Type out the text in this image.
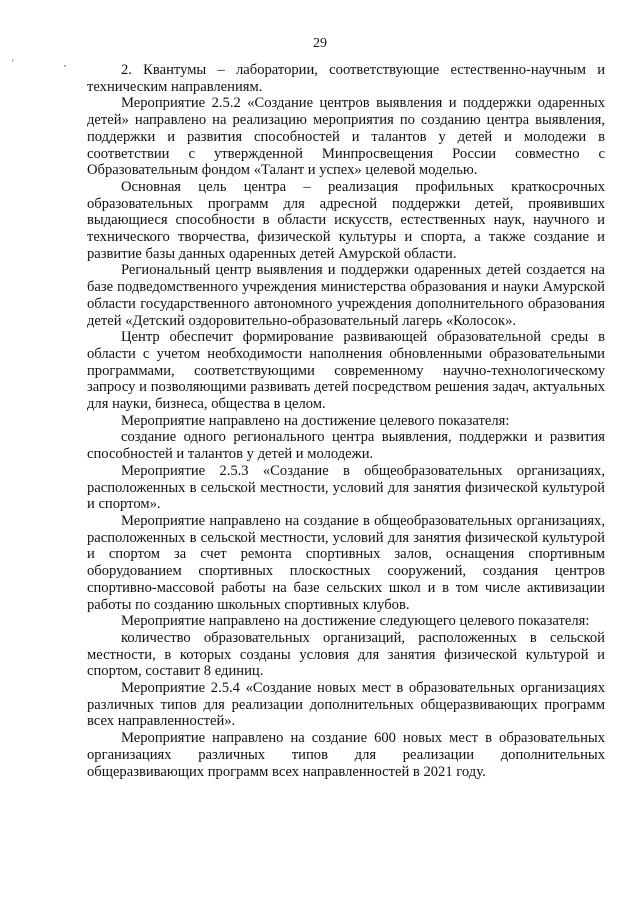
29
' ,	2. Квантумы – лаборатории, соответствующие естественно-научным и техническим направлениям.

Мероприятие 2.5.2 «Создание центров выявления и поддержки одаренных детей» направлено на реализацию мероприятия по созданию центра выявления, поддержки и развития способностей и талантов у детей и молодежи в соответствии с утвержденной Минпросвещения России совместно с Образовательным фондом «Талант и успех» целевой моделью.

Основная цель центра – реализация профильных краткосрочных образовательных программ для адресной поддержки детей, проявивших выдающиеся способности в области искусств, естественных наук, научного и технического творчества, физической культуры и спорта, а также создание и развитие базы данных одаренных детей Амурской области.

Региональный центр выявления и поддержки одаренных детей создается на базе подведомственного учреждения министерства образования и науки Амурской области государственного автономного учреждения дополнительного образования детей «Детский оздоровительно-образовательный лагерь «Колосок».

Центр обеспечит формирование развивающей образовательной среды в области с учетом необходимости наполнения обновленными образовательными программами, соответствующими современному научно-технологическому запросу и позволяющими развивать детей посредством решения задач, актуальных для науки, бизнеса, общества в целом.

Мероприятие направлено на достижение целевого показателя:

создание одного регионального центра выявления, поддержки и развития способностей и талантов у детей и молодежи.

Мероприятие 2.5.3 «Создание в общеобразовательных организациях, расположенных в сельской местности, условий для занятия физической культурой и спортом».

Мероприятие направлено на создание в общеобразовательных организациях, расположенных в сельской местности, условий для занятия физической культурой и спортом за счет ремонта спортивных залов, оснащения спортивным оборудованием спортивных плоскостных сооружений, создания центров спортивно-массовой работы на базе сельских школ и в том числе активизации работы по созданию школьных спортивных клубов.

Мероприятие направлено на достижение следующего целевого показателя:

количество образовательных организаций, расположенных в сельской местности, в которых созданы условия для занятия физической культурой и спортом, составит 8 единиц.

Мероприятие 2.5.4 «Создание новых мест в образовательных организациях различных типов для реализации дополнительных общеразвивающих программ всех направленностей».

Мероприятие направлено на создание 600 новых мест в образовательных организациях различных типов для реализации дополнительных общеразвивающих программ всех направленностей в 2021 году.
